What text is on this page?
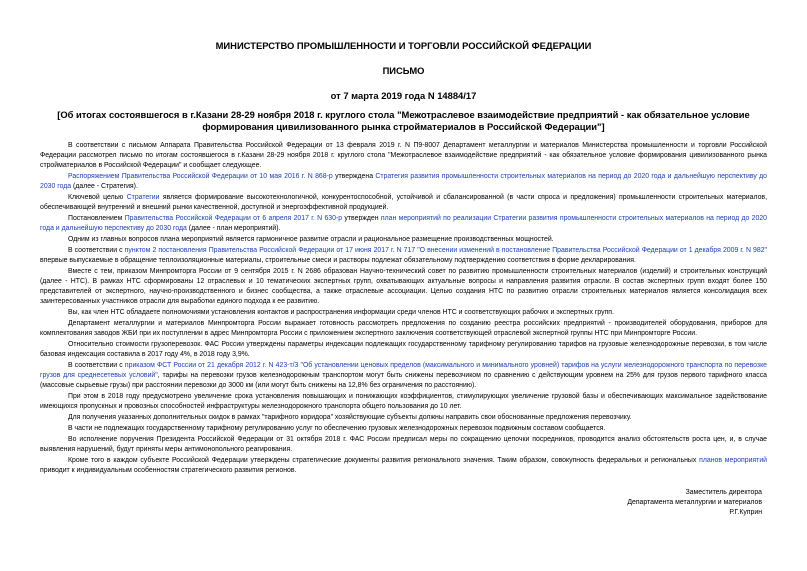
МИНИСТЕРСТВО ПРОМЫШЛЕННОСТИ И ТОРГОВЛИ РОССИЙСКОЙ ФЕДЕРАЦИИ
ПИСЬМО
от 7 марта 2019 года N 14884/17
[Об итогах состоявшегося в г.Казани 28-29 ноября 2018 г. круглого стола "Межотраслевое взаимодействие предприятий - как обязательное условие формирования цивилизованного рынка стройматериалов в Российской Федерации"]

В соответствии с письмом Аппарата Правительства Российской Федерации от 13 февраля 2019 г. N П9-8007 Департамент металлургии и материалов Министерства промышленности и торговли Российской Федерации рассмотрел письмо по итогам состоявшегося в г.Казани 28-29 ноября 2018 г. круглого стола "Межотраслевое взаимодействие предприятий - как обязательное условие формирования цивилизованного рынка стройматериалов в Российской Федерации" и сообщает следующее.

Распоряжением Правительства Российской Федерации от 10 мая 2016 г. N 868-р утверждена Стратегия развития промышленности строительных материалов на период до 2020 года и дальнейшую перспективу до 2030 года (далее - Стратегия).

Ключевой целью Стратегии является формирование высокотехнологичной, конкурентоспособной, устойчивой и сбалансированной (в части спроса и предложения) промышленности строительных материалов, обеспечивающей внутренний и внешний рынки качественной, доступной и энергоэффективной продукцией.

Постановлением Правительства Российской Федерации от 6 апреля 2017 г. N 630-р утвержден план мероприятий по реализации Стратегии развития промышленности строительных материалов на период до 2020 года и дальнейшую перспективу до 2030 года (далее - план мероприятий).

Одним из главных вопросов плана мероприятий является гармоничное развитие отрасли и рациональное размещение производственных мощностей.

В соответствии с пунктом 2 постановления Правительства Российской Федерации от 17 июня 2017 г. N 717 "О внесении изменений в постановление Правительства Российской Федерации от 1 декабря 2009 г. N 982" впервые выпускаемые в обращение теплоизоляционные материалы, строительные смеси и растворы подлежат обязательному подтверждению соответствия в форме декларирования.

Вместе с тем, приказом Минпромторга России от 9 сентября 2015 г. N 2686 образован Научно-технический совет по развитию промышленности строительных материалов (изделий) и строительных конструкций (далее - НТС). В рамках НТС сформированы 12 отраслевых и 10 тематических экспертных групп, охватывающих актуальные вопросы и направления развития отрасли. В состав экспертных групп входят более 150 представителей от экспертного, научно-производственного и бизнес сообщества, а также отраслевые ассоциации. Целью создания НТС по развитию отрасли строительных материалов является консолидация всех заинтересованных участников отрасли для выработки единого подхода к ее развитию.

Вы, как член НТС обладаете полномочиями установления контактов и распространения информации среди членов НТС и соответствующих рабочих и экспертных групп.

Департамент металлургии и материалов Минпромторга России выражает готовность рассмотреть предложения по созданию реестра российских предприятий - производителей оборудования, приборов для комплектования заводов ЖБИ при их поступлении в адрес Минпромторга России с приложением экспертного заключения соответствующей отраслевой экспертной группы НТС при Минпромторге России.

Относительно стоимости грузоперевозок. ФАС России утверждены параметры индексации подлежащих государственному тарифному регулированию тарифов на грузовые железнодорожные перевозки, в том числе базовая индексация составила в 2017 году 4%, в 2018 году 3,9%.

В соответствии с приказом ФСТ России от 21 декабря 2012 г. N 423-т/3 "Об установлении ценовых пределов (максимального и минимального уровней) тарифов на услуги железнодорожного транспорта по перевозке грузов для среднесетевых условий", тарифы на перевозки грузов железнодорожным транспортом могут быть снижены перевозчиком по сравнению с действующим уровнем на 25% для грузов первого тарифного класса (массовые сырьевые грузы) при расстоянии перевозки до 3000 км (или могут быть снижены на 12,8% без ограничения по расстоянию).

При этом в 2018 году предусмотрено увеличение срока установления повышающих и понижающих коэффициентов, стимулирующих увеличение грузовой базы и обеспечивающих максимальное задействование имеющихся пропускных и провозных способностей инфраструктуры железнодорожного транспорта общего пользования до 10 лет.

Для получения указанных дополнительных скидок в рамках "тарифного коридора" хозяйствующие субъекты должны направить свои обоснованные предложения перевозчику.

В части не подлежащих государственному тарифному регулированию услуг по обеспечению грузовых железнодорожных перевозок подвижным составом сообщается.

Во исполнение поручения Президента Российской Федерации от 31 октября 2018 г. ФАС России предписал меры по сокращению цепочки посредников, проводится анализ обстоятельств роста цен, и, в случае выявления нарушений, будут приняты меры антимонопольного реагирования.

Кроме того в каждом субъекте Российской Федерации утверждены стратегические документы развития регионального значения. Таким образом, совокупность федеральных и региональных планов мероприятий приводит к индивидуальным особенностям стратегического развития регионов.

Заместитель директора
Департамента металлургии и материалов
Р.Г.Куприн
